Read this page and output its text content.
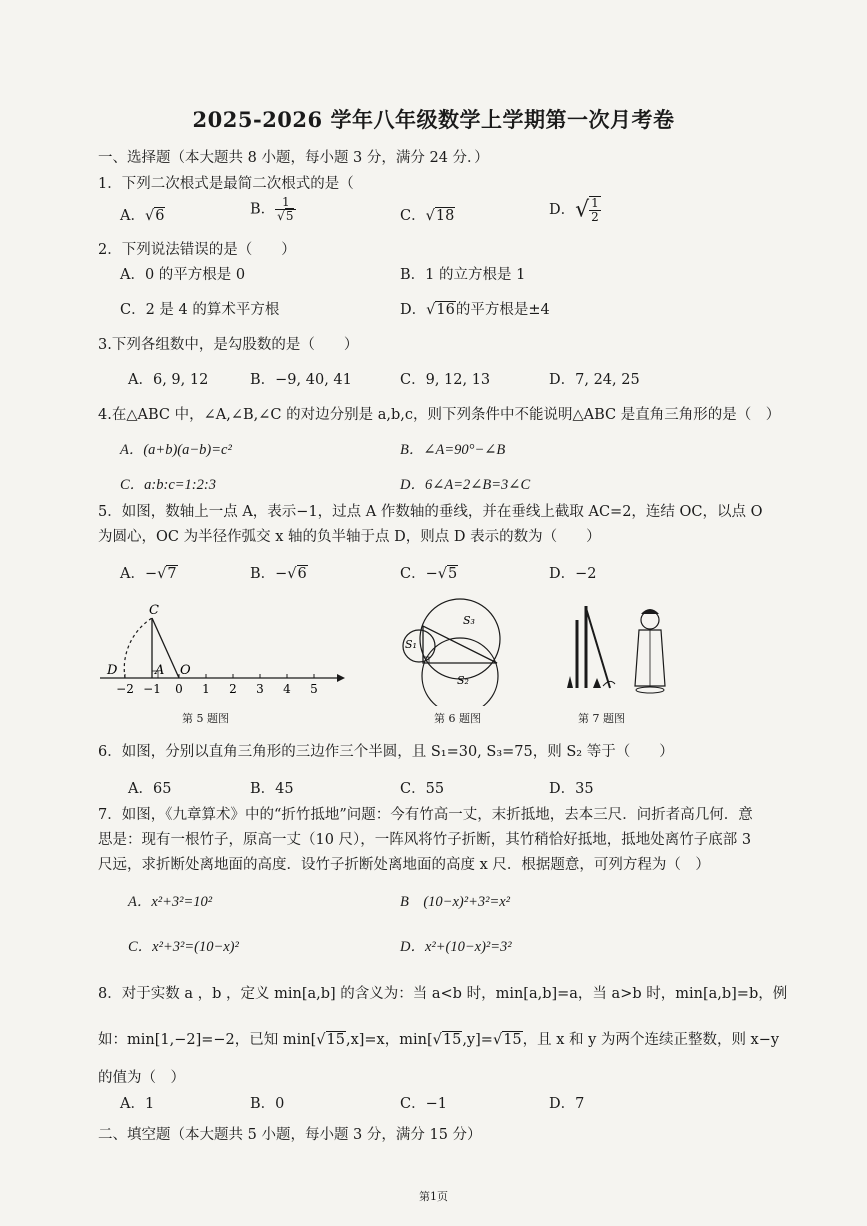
2025-2026 学年八年级数学上学期第一次月考卷
一、选择题（本大题共 8 小题，每小题 3 分，满分 24 分．）
1．下列二次根式是最简二次根式的是（
A．√6	B． $\frac{1}{√5}$	C．√18	D．√ $\frac{1}{2}$
2．下列说法错误的是（　　）
A．0 的平方根是 0	B．1 的立方根是 1
C．2 是 4 的算术平方根	D．√16的平方根是±4
3.下列各组数中，是勾股数的是（　　）
A．6, 9, 12	B．−9, 40, 41	C．9, 12, 13	D．7, 24, 25
4.在△ABC 中，∠A,∠B,∠C 的对边分别是 a,b,c，则下列条件中不能说明△ABC 是直角三角形的是（　）
A．(a+b)(a−b)=c²	B．∠A=90°−∠B
C．a:b:c=1:2:3	D．6∠A=2∠B=3∠C
5．如图，数轴上一点 A，表示−1，过点 A 作数轴的垂线，并在垂线上截取 AC=2，连结 OC，以点 O
为圆心，OC 为半径作弧交 x 轴的负半轴于点 D，则点 D 表示的数为（　　）
A．−√7	B．−√6	C．−√5	D．−2
−2 −1 0 1 2 3 4 5
C
D	A O
第 5 题图
S₁
S₂
S₃
第 6 题图	第 7 题图
6．如图，分别以直角三角形的三边作三个半圆，且 S₁=30, S₃=75，则 S₂ 等于（　　）
A．65	B．45	C．55	D．35
7．如图，《九章算术》中的“折竹抵地”问题：今有竹高一丈，末折抵地，去本三尺．问折者高几何．意
思是：现有一根竹子，原高一丈（10 尺），一阵风将竹子折断，其竹稍恰好抵地，抵地处离竹子底部 3
尺远，求折断处离地面的高度．设竹子折断处离地面的高度 x 尺．根据题意，可列方程为（　）
A．x²+3²=10²	B　(10−x)²+3²=x²
C．x²+3²=(10−x)²	D．x²+(10−x)²=3²
8．对于实数 a ，b ，定义 min[a,b] 的含义为：当 a<b 时，min[a,b]=a，当 a>b 时，min[a,b]=b，例
如：min[1,−2]=−2，已知 min[√15,x]=x，min[√15,y]=√15，且 x 和 y 为两个连续正整数，则 x−y
的值为（　）
A．1	B．0	C．−1	D．7
二、填空题（本大题共 5 小题，每小题 3 分，满分 15 分）
第1页
